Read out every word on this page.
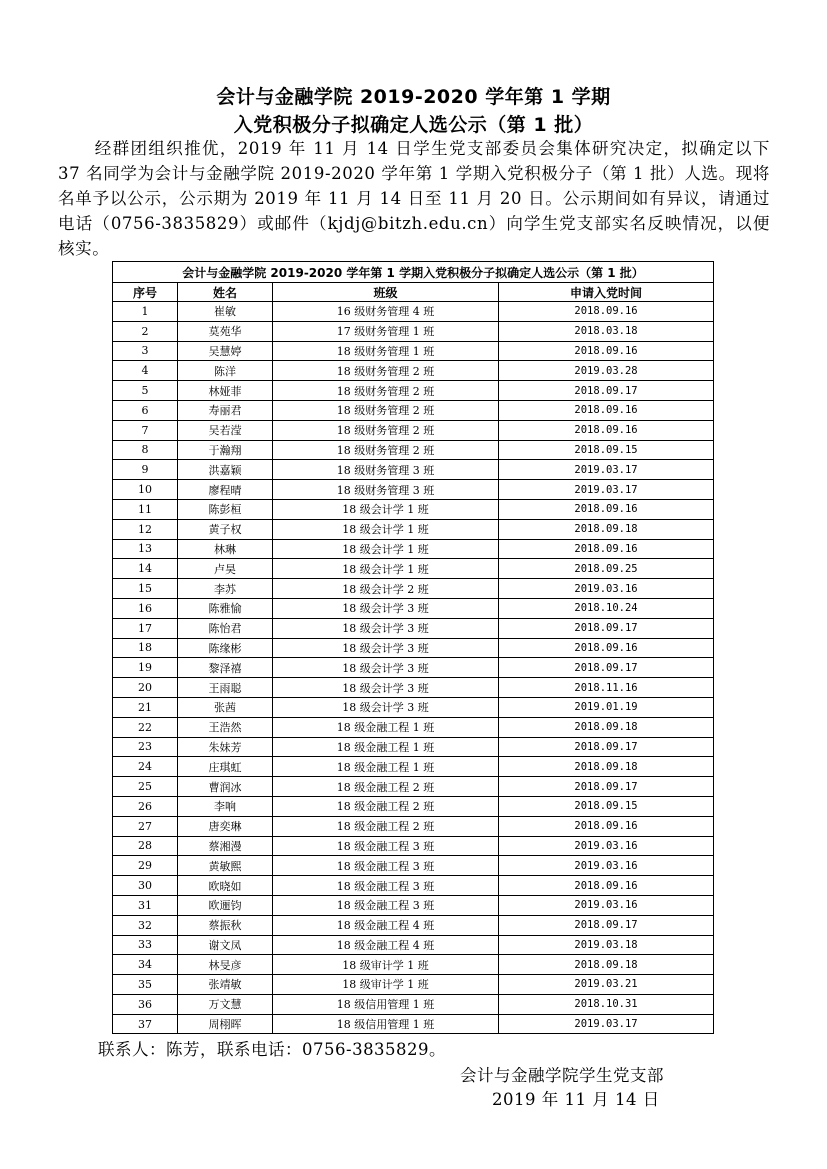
会计与金融学院 2019-2020 学年第 1 学期
入党积极分子拟确定人选公示（第 1 批）
经群团组织推优，2019 年 11 月 14 日学生党支部委员会集体研究决定，拟确定以下 37 名同学为会计与金融学院 2019-2020 学年第 1 学期入党积极分子（第 1 批）人选。现将名单予以公示，公示期为 2019 年 11 月 14 日至 11 月 20 日。公示期间如有异议，请通过电话（0756-3835829）或邮件（kjdj@bitzh.edu.cn）向学生党支部实名反映情况，以便核实。
会计与金融学院 2019-2020 学年第 1 学期入党积极分子拟确定人选公示（第 1 批）			
序号	姓名	班级	申请入党时间
1	崔敏	16 级财务管理 4 班	2018.09.16
2	莫苑华	17 级财务管理 1 班	2018.03.18
3	吴慧婷	18 级财务管理 1 班	2018.09.16
4	陈洋	18 级财务管理 2 班	2019.03.28
5	林娅菲	18 级财务管理 2 班	2018.09.17
6	寿丽君	18 级财务管理 2 班	2018.09.16
7	吴若滢	18 级财务管理 2 班	2018.09.16
8	于瀚翔	18 级财务管理 2 班	2018.09.15
9	洪嘉颖	18 级财务管理 3 班	2019.03.17
10	廖程晴	18 级财务管理 3 班	2019.03.17
11	陈彭桓	18 级会计学 1 班	2018.09.16
12	黄子权	18 级会计学 1 班	2018.09.18
13	林琳	18 级会计学 1 班	2018.09.16
14	卢昊	18 级会计学 1 班	2018.09.25
15	李苏	18 级会计学 2 班	2019.03.16
16	陈雅愉	18 级会计学 3 班	2018.10.24
17	陈怡君	18 级会计学 3 班	2018.09.17
18	陈缘彬	18 级会计学 3 班	2018.09.16
19	黎泽禧	18 级会计学 3 班	2018.09.17
20	王雨聪	18 级会计学 3 班	2018.11.16
21	张茜	18 级会计学 3 班	2019.01.19
22	王浩然	18 级金融工程 1 班	2018.09.18
23	朱妹芳	18 级金融工程 1 班	2018.09.17
24	庄琪虹	18 级金融工程 1 班	2018.09.18
25	曹润冰	18 级金融工程 2 班	2018.09.17
26	李响	18 级金融工程 2 班	2018.09.15
27	唐奕琳	18 级金融工程 2 班	2018.09.16
28	蔡湘漫	18 级金融工程 3 班	2019.03.16
29	黄敏熙	18 级金融工程 3 班	2019.03.16
30	欧晓如	18 级金融工程 3 班	2018.09.16
31	欧逦钧	18 级金融工程 3 班	2019.03.16
32	蔡振秋	18 级金融工程 4 班	2018.09.17
33	谢文凤	18 级金融工程 4 班	2019.03.18
34	林旻彦	18 级审计学 1 班	2018.09.18
35	张靖敏	18 级审计学 1 班	2019.03.21
36	万文慧	18 级信用管理 1 班	2018.10.31
37	周栩晖	18 级信用管理 1 班	2019.03.17
联系人：陈芳，联系电话：0756-3835829。
会计与金融学院学生党支部
2019 年 11 月 14 日
